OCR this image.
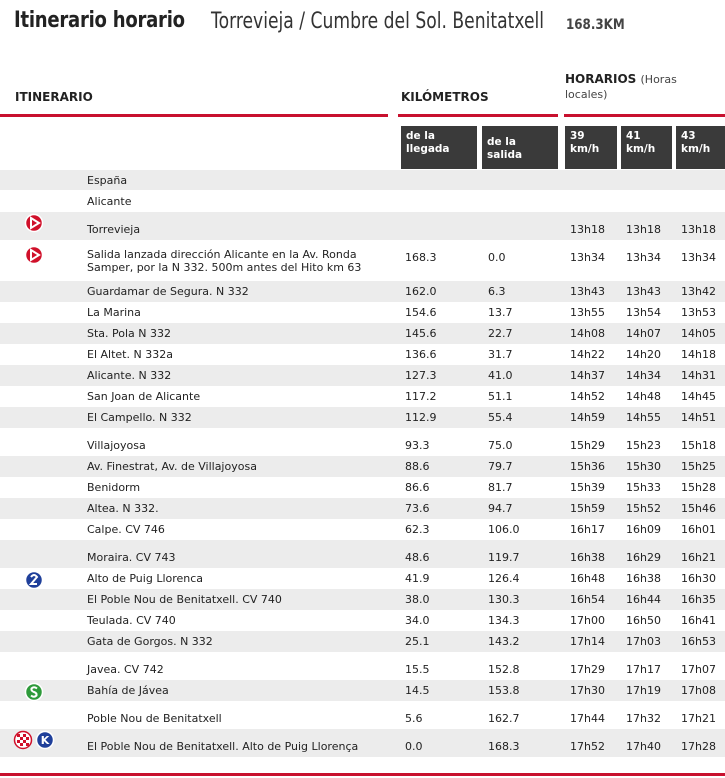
Itinerario horario Torrevieja / Cumbre del Sol. Benitatxell 168.3KM
ITINERARIO	KILÓMETROS
HORARIOS (Horas locales)
de la llegada
de la salida
39 km/h
41 km/h
43 km/h
España
Alicante
Torrevieja	13h18 13h18 13h18
Salida lanzada dirección Alicante en la Av. Ronda Samper, por la N 332. 500m antes del Hito km 63
168.3	0.0	13h34 13h34 13h34
Guardamar de Segura. N 332	162.0	6.3	13h43 13h43 13h42
La Marina	154.6	13.7	13h55 13h54 13h53
Sta. Pola N 332	145.6	22.7	14h08 14h07 14h05
El Altet. N 332a	136.6	31.7	14h22 14h20 14h18
Alicante. N 332	127.3	41.0	14h37 14h34 14h31
San Joan de Alicante	117.2	51.1	14h52 14h48 14h45
El Campello. N 332	112.9	55.4	14h59 14h55 14h51
Villajoyosa	93.3	75.0	15h29 15h23 15h18
Av. Finestrat, Av. de Villajoyosa	88.6	79.7	15h36 15h30 15h25
Benidorm	86.6	81.7	15h39 15h33 15h28
Altea. N 332.	73.6	94.7	15h59 15h52 15h46
Calpe. CV 746	62.3	106.0	16h17 16h09 16h01
Moraira. CV 743	48.6	119.7	16h38 16h29 16h21
Alto de Puig Llorenca	41.9	126.4	16h48 16h38 16h30
El Poble Nou de Benitatxell. CV 740	38.0	130.3	16h54 16h44 16h35
Teulada. CV 740	34.0	134.3	17h00 16h50 16h41
Gata de Gorgos. N 332	25.1	143.2	17h14 17h03 16h53
Javea. CV 742	15.5	152.8	17h29 17h17 17h07
Bahía de Jávea	14.5	153.8	17h30 17h19 17h08
Poble Nou de Benitatxell	5.6	162.7	17h44 17h32 17h21
K	El Poble Nou de Benitatxell. Alto de Puig Llorença	0.0	168.3	17h52 17h40 17h28
